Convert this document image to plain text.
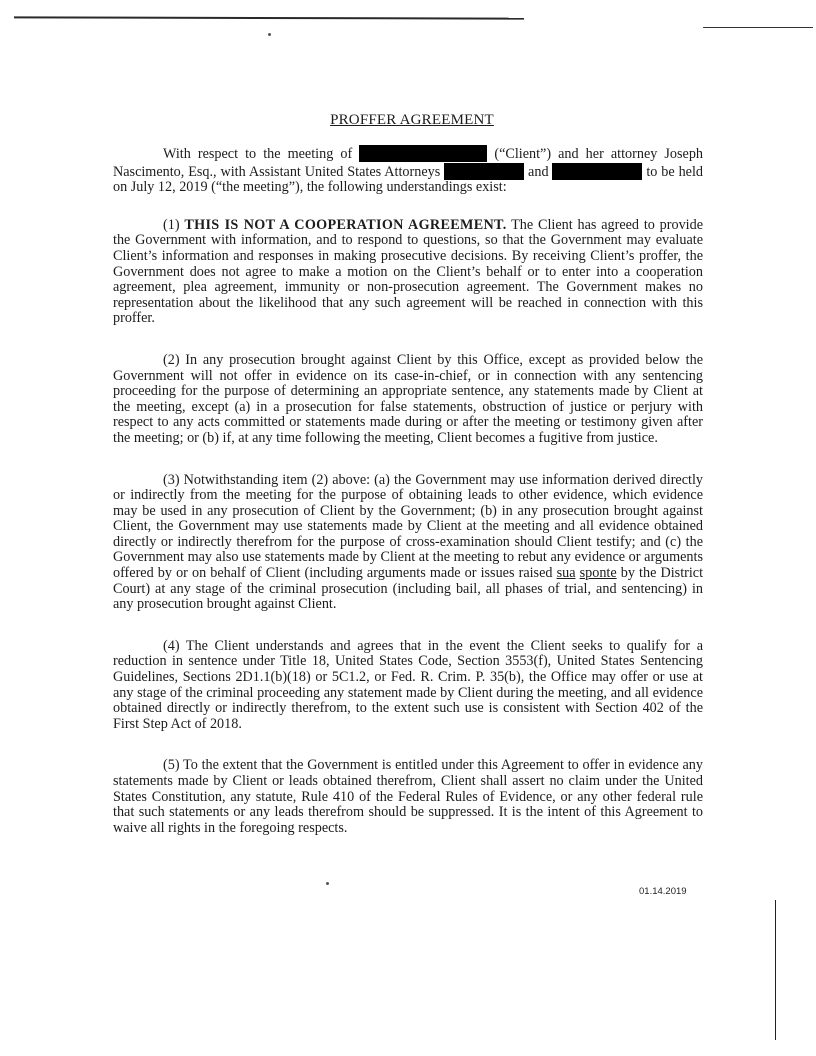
PROFFER AGREEMENT

With respect to the meeting of	(“Client”) and her attorney Joseph Nascimento, Esq., with Assistant United States Attorneys	and	to be held on July 12, 2019 (“the meeting”), the following understandings exist:

(1) THIS IS NOT A COOPERATION AGREEMENT. The Client has agreed to provide the Government with information, and to respond to questions, so that the Government may evaluate Client’s information and responses in making prosecutive decisions. By receiving Client’s proffer, the Government does not agree to make a motion on the Client’s behalf or to enter into a cooperation agreement, plea agreement, immunity or non-prosecution agreement. The Government makes no representation about the likelihood that any such agreement will be reached in connection with this proffer.

(2) In any prosecution brought against Client by this Office, except as provided below the Government will not offer in evidence on its case-in-chief, or in connection with any sentencing proceeding for the purpose of determining an appropriate sentence, any statements made by Client at the meeting, except (a) in a prosecution for false statements, obstruction of justice or perjury with respect to any acts committed or statements made during or after the meeting or testimony given after the meeting; or (b) if, at any time following the meeting, Client becomes a fugitive from justice.

(3) Notwithstanding item (2) above: (a) the Government may use information derived directly or indirectly from the meeting for the purpose of obtaining leads to other evidence, which evidence may be used in any prosecution of Client by the Government; (b) in any prosecution brought against Client, the Government may use statements made by Client at the meeting and all evidence obtained directly or indirectly therefrom for the purpose of cross-examination should Client testify; and (c) the Government may also use statements made by Client at the meeting to rebut any evidence or arguments offered by or on behalf of Client (including arguments made or issues raised sua sponte by the District Court) at any stage of the criminal prosecution (including bail, all phases of trial, and sentencing) in any prosecution brought against Client.

(4) The Client understands and agrees that in the event the Client seeks to qualify for a reduction in sentence under Title 18, United States Code, Section 3553(f), United States Sentencing Guidelines, Sections 2D1.1(b)(18) or 5C1.2, or Fed. R. Crim. P. 35(b), the Office may offer or use at any stage of the criminal proceeding any statement made by Client during the meeting, and all evidence obtained directly or indirectly therefrom, to the extent such use is consistent with Section 402 of the First Step Act of 2018.

(5) To the extent that the Government is entitled under this Agreement to offer in evidence any statements made by Client or leads obtained therefrom, Client shall assert no claim under the United States Constitution, any statute, Rule 410 of the Federal Rules of Evidence, or any other federal rule that such statements or any leads therefrom should be suppressed. It is the intent of this Agreement to waive all rights in the foregoing respects.

01.14.2019
